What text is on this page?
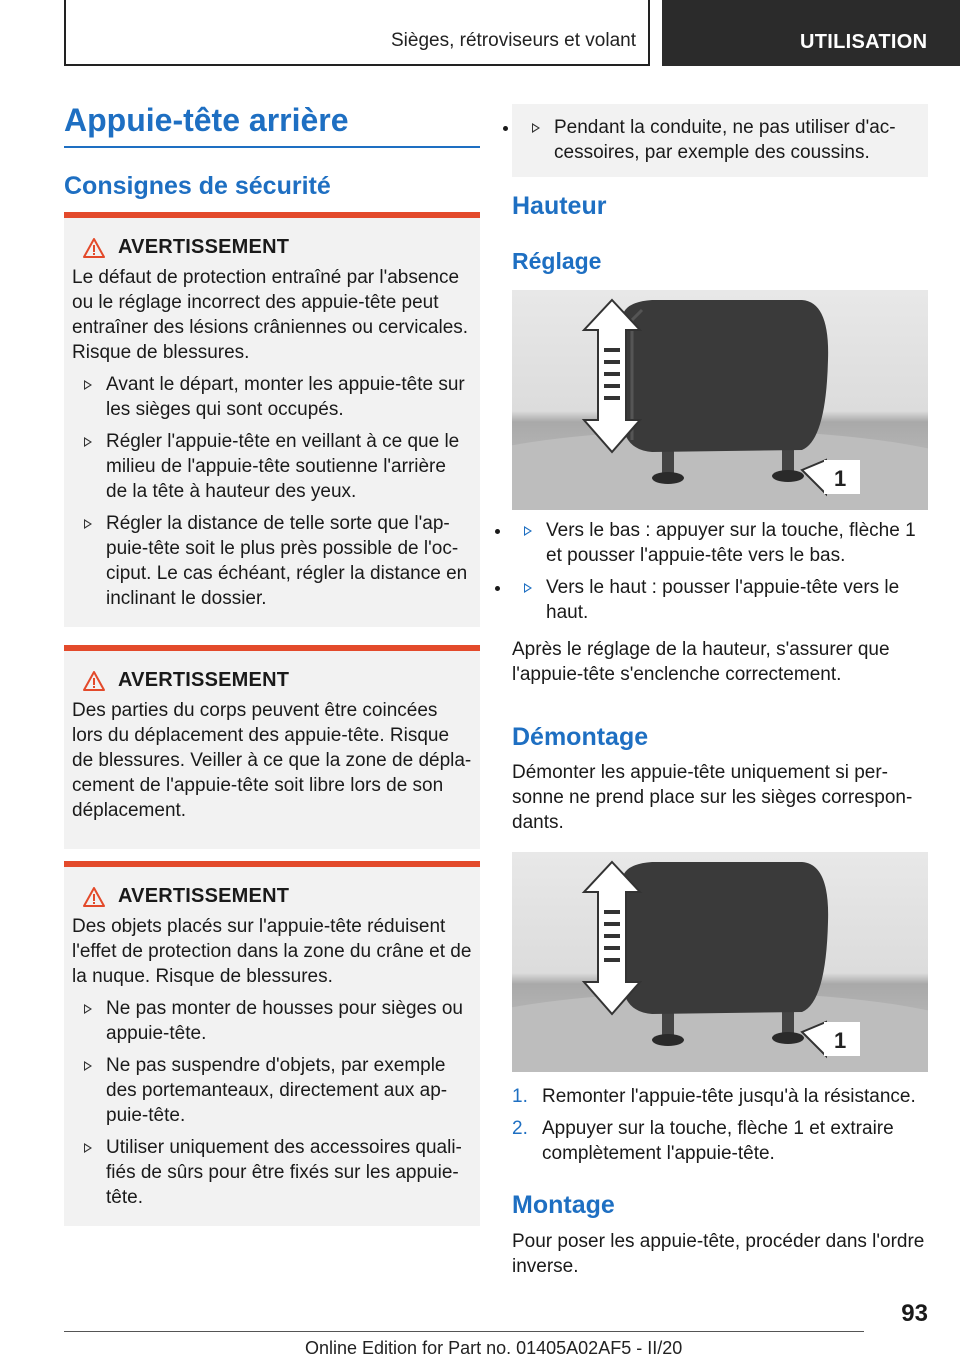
Sièges, rétroviseurs et volant	UTILISATION
Appuie-tête arrière
Consignes de sécurité
AVERTISSEMENT

Le défaut de protection entraîné par l'absence ou le réglage incorrect des appuie-tête peut entraîner des lésions crâniennes ou cervicales. Risque de blessures.

Avant le départ, monter les appuie-tête sur les sièges qui sont occupés.
Régler l'appuie-tête en veillant à ce que le milieu de l'appuie-tête soutienne l'arrière de la tête à hauteur des yeux.
Régler la distance de telle sorte que l'ap-puie-tête soit le plus près possible de l'oc-ciput. Le cas échéant, régler la distance en inclinant le dossier.
AVERTISSEMENT

Des parties du corps peuvent être coincées lors du déplacement des appuie-tête. Risque de blessures. Veiller à ce que la zone de dépla-cement de l'appuie-tête soit libre lors de son déplacement.

AVERTISSEMENT

Des objets placés sur l'appuie-tête réduisent l'effet de protection dans la zone du crâne et de la nuque. Risque de blessures.

Ne pas monter de housses pour sièges ou appuie-tête.
Ne pas suspendre d'objets, par exemple des portemanteaux, directement aux ap-puie-tête.
Utiliser uniquement des accessoires quali-fiés de sûrs pour être fixés sur les appuie-tête.
• Pendant la conduite, ne pas utiliser d'ac-cessoires, par exemple des coussins.
Hauteur
Réglage
1
• Vers le bas : appuyer sur la touche, flèche 1 et pousser l'appuie-tête vers le bas.
• Vers le haut : pousser l'appuie-tête vers le haut.

Après le réglage de la hauteur, s'assurer que l'appuie-tête s'enclenche correctement.

Démontage

Démonter les appuie-tête uniquement si per-sonne ne prend place sur les sièges correspon-dants.

1
1. Remonter l'appuie-tête jusqu'à la résistance.
2. Appuyer sur la touche, flèche 1 et extraire complètement l'appuie-tête.
Montage

Pour poser les appuie-tête, procéder dans l'ordre inverse.

93
Online Edition for Part no. 01405A02AF5 - II/20
